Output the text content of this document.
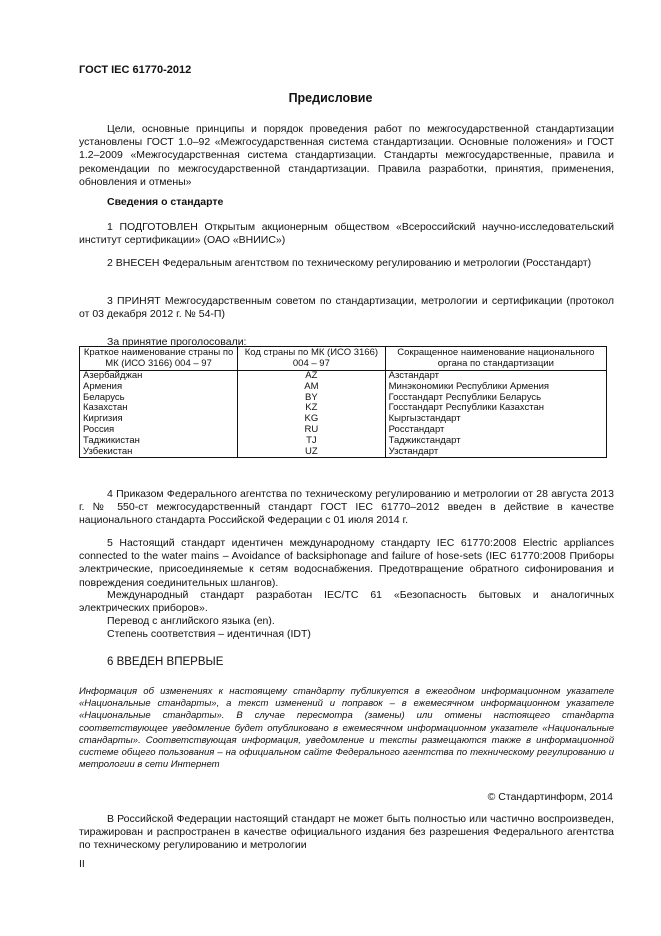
ГОСТ IEC 61770-2012
Предисловие
Цели, основные принципы и порядок проведения работ по межгосударственной стандартизации установлены ГОСТ 1.0–92 «Межгосударственная система стандартизации. Основные положения» и ГОСТ 1.2–2009 «Межгосударственная система стандартизации. Стандарты межгосударственные, правила и рекомендации по межгосударственной стандартизации. Правила разработки, принятия, применения, обновления и отмены»
Сведения о стандарте
1 ПОДГОТОВЛЕН Открытым акционерным обществом «Всероссийский научно-исследовательский институт сертификации» (ОАО «ВНИИС»)
2 ВНЕСЕН Федеральным агентством по техническому регулированию и метрологии (Росстандарт)
3 ПРИНЯТ Межгосударственным советом по стандартизации, метрологии и сертификации (протокол от 03 декабря 2012 г. № 54-П)
За принятие проголосовали:
Краткое наименование страны по МК (ИСО 3166) 004 – 97	Код страны по МК (ИСО 3166) 004 – 97	Сокращенное наименование национального органа по стандартизации
Азербайджан	AZ	Азстандарт
Армения	AM	Минэкономики Республики Армения
Беларусь	BY	Госстандарт Республики Беларусь
Казахстан	KZ	Госстандарт Республики Казахстан
Киргизия	KG	Кыргызстандарт
Россия	RU	Росстандарт
Таджикистан	TJ	Таджикстандарт
Узбекистан	UZ	Узстандарт
4 Приказом Федерального агентства по техническому регулированию и метрологии от 28 августа 2013 г. № 550-ст межгосударственный стандарт ГОСТ IEC 61770–2012 введен в действие в качестве национального стандарта Российской Федерации с 01 июля 2014 г.
5 Настоящий стандарт идентичен международному стандарту IEC 61770:2008 Electric appliances connected to the water mains – Avoidance of backsiphonage and failure of hose-sets (IEC 61770:2008 Приборы электрические, присоединяемые к сетям водоснабжения. Предотвращение обратного сифонирования и повреждения соединительных шлангов).
Международный стандарт разработан IEC/TC 61 «Безопасность бытовых и аналогичных электрических приборов».
Перевод с английского языка (en).
Степень соответствия – идентичная (IDT)
6 ВВЕДЕН ВПЕРВЫЕ
Информация об изменениях к настоящему стандарту публикуется в ежегодном информационном указателе «Национальные стандарты», а текст изменений и поправок – в ежемесячном информационном указателе «Национальные стандарты». В случае пересмотра (замены) или отмены настоящего стандарта соответствующее уведомление будет опубликовано в ежемесячном информационном указателе «Национальные стандарты». Соответствующая информация, уведомление и тексты размещаются также в информационной системе общего пользования – на официальном сайте Федерального агентства по техническому регулированию и метрологии в сети Интернет
© Стандартинформ, 2014
В Российской Федерации настоящий стандарт не может быть полностью или частично воспроизведен, тиражирован и распространен в качестве официального издания без разрешения Федерального агентства по техническому регулированию и метрологии
II
